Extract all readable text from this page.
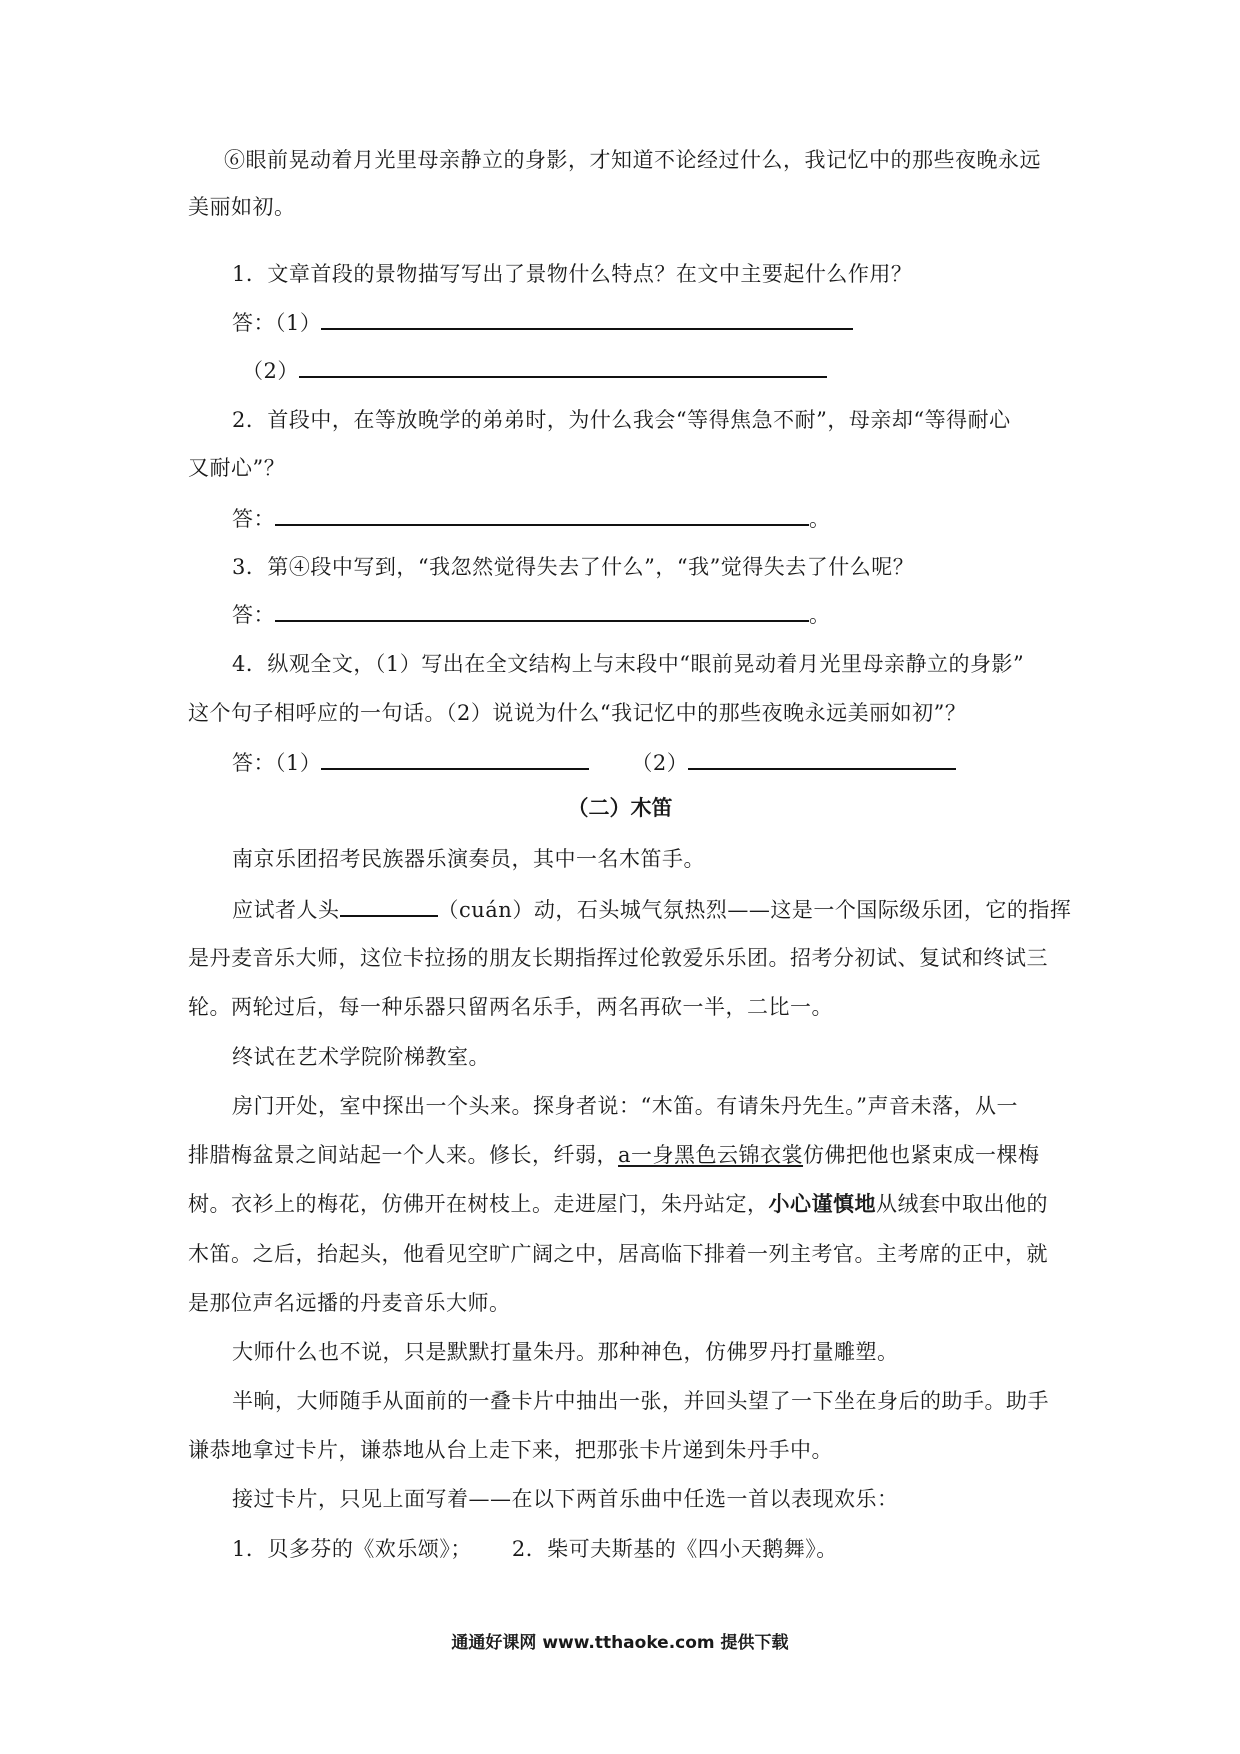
⑥眼前晃动着月光里母亲静立的身影，才知道不论经过什么，我记忆中的那些夜晚永远
美丽如初。
1．文章首段的景物描写写出了景物什么特点？在文中主要起什么作用？
答：（1）
（2）
2．首段中，在等放晚学的弟弟时，为什么我会“等得焦急不耐”，母亲却“等得耐心
又耐心”？
答：	。
3．第④段中写到，“我忽然觉得失去了什么”，“我”觉得失去了什么呢？
答：	。
4．纵观全文，（1）写出在全文结构上与末段中“眼前晃动着月光里母亲静立的身影”
这个句子相呼应的一句话。（2）说说为什么“我记忆中的那些夜晚永远美丽如初”？
答：（1）	（2）
（二）木笛
南京乐团招考民族器乐演奏员，其中一名木笛手。
应试者人头	（cuán）动，石头城气氛热烈——这是一个国际级乐团，它的指挥
是丹麦音乐大师，这位卡拉扬的朋友长期指挥过伦敦爱乐乐团。招考分初试、复试和终试三
轮。两轮过后，每一种乐器只留两名乐手，两名再砍一半，二比一。
终试在艺术学院阶梯教室。
房门开处，室中探出一个头来。探身者说：“木笛。有请朱丹先生。”声音未落，从一
排腊梅盆景之间站起一个人来。修长，纤弱，a一身黑色云锦衣裳仿佛把他也紧束成一棵梅
树。衣衫上的梅花，仿佛开在树枝上。走进屋门，朱丹站定，小心谨慎地从绒套中取出他的
木笛。之后，抬起头，他看见空旷广阔之中，居高临下排着一列主考官。主考席的正中，就
是那位声名远播的丹麦音乐大师。
大师什么也不说，只是默默打量朱丹。那种神色，仿佛罗丹打量雕塑。
半晌，大师随手从面前的一叠卡片中抽出一张，并回头望了一下坐在身后的助手。助手
谦恭地拿过卡片，谦恭地从台上走下来，把那张卡片递到朱丹手中。
接过卡片，只见上面写着——在以下两首乐曲中任选一首以表现欢乐：
1．贝多芬的《欢乐颂》； 2．柴可夫斯基的《四小天鹅舞》。
通通好课网 www.tthaoke.com 提供下载
